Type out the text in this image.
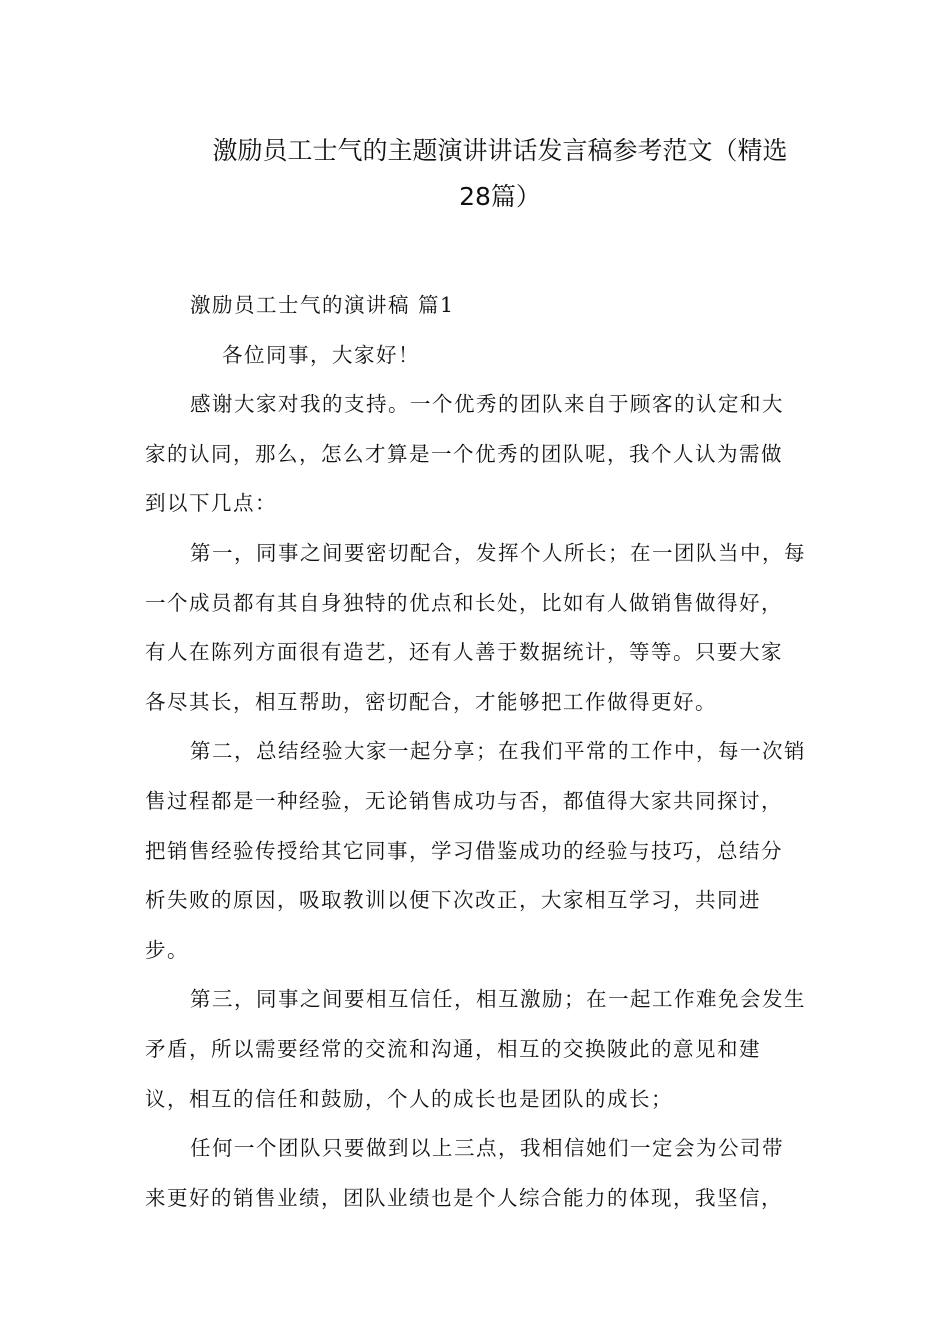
激励员工士气的主题演讲讲话发言稿参考范文（精选
28篇）
激励员工士气的演讲稿 篇1
各位同事，大家好！
感谢大家对我的支持。一个优秀的团队来自于顾客的认定和大
家的认同，那么，怎么才算是一个优秀的团队呢，我个人认为需做
到以下几点：
第一，同事之间要密切配合，发挥个人所长；在一团队当中，每
一个成员都有其自身独特的优点和长处，比如有人做销售做得好，
有人在陈列方面很有造艺，还有人善于数据统计，等等。只要大家
各尽其长，相互帮助，密切配合，才能够把工作做得更好。
第二，总结经验大家一起分享；在我们平常的工作中，每一次销
售过程都是一种经验，无论销售成功与否，都值得大家共同探讨，
把销售经验传授给其它同事，学习借鉴成功的经验与技巧，总结分
析失败的原因，吸取教训以便下次改正，大家相互学习，共同进
步。
第三，同事之间要相互信任，相互激励；在一起工作难免会发生
矛盾，所以需要经常的交流和沟通，相互的交换陂此的意见和建
议，相互的信任和鼓励，个人的成长也是团队的成长；
任何一个团队只要做到以上三点，我相信她们一定会为公司带
来更好的销售业绩，团队业绩也是个人综合能力的体现，我坚信，
